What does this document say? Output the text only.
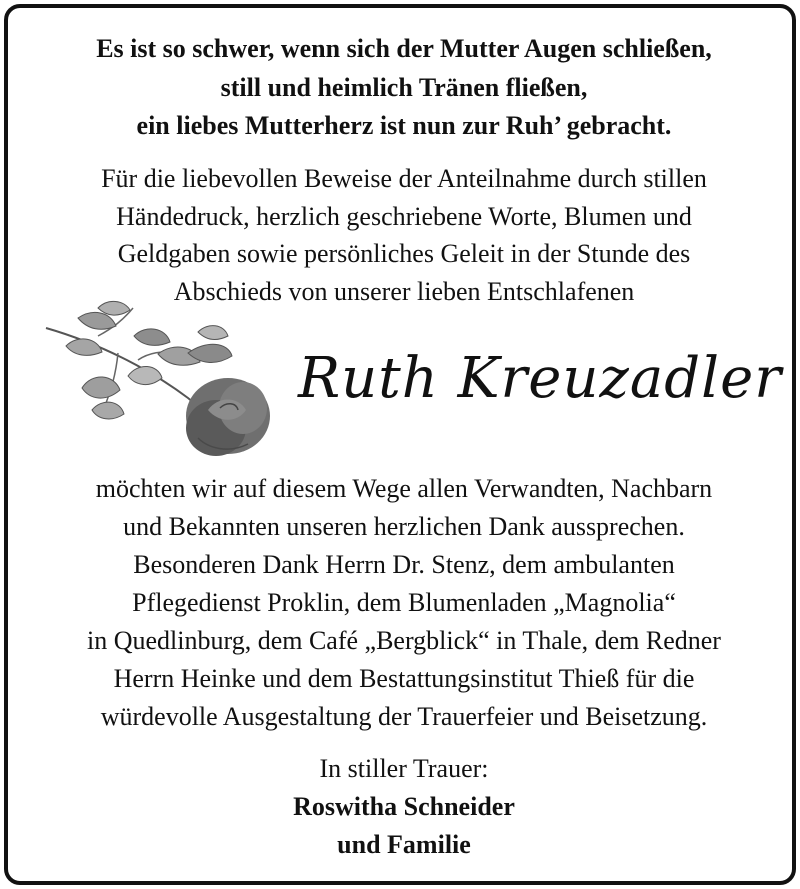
Es ist so schwer, wenn sich der Mutter Augen schließen,
still und heimlich Tränen fließen,
ein liebes Mutterherz ist nun zur Ruh’ gebracht.

Für die liebevollen Beweise der Anteilnahme durch stillen
Händedruck, herzlich geschriebene Worte, Blumen und
Geldgaben sowie persönliches Geleit in der Stunde des
Abschieds von unserer lieben Entschlafenen

Ruth Kreuzadler

möchten wir auf diesem Wege allen Verwandten, Nachbarn
und Bekannten unseren herzlichen Dank aussprechen.
Besonderen Dank Herrn Dr. Stenz, dem ambulanten
Pflegedienst Proklin, dem Blumenladen „Magnolia“
in Quedlinburg, dem Café „Bergblick“ in Thale, dem Redner
Herrn Heinke und dem Bestattungsinstitut Thieß für die
würdevolle Ausgestaltung der Trauerfeier und Beisetzung.

In stiller Trauer:
Roswitha Schneider
und Familie
